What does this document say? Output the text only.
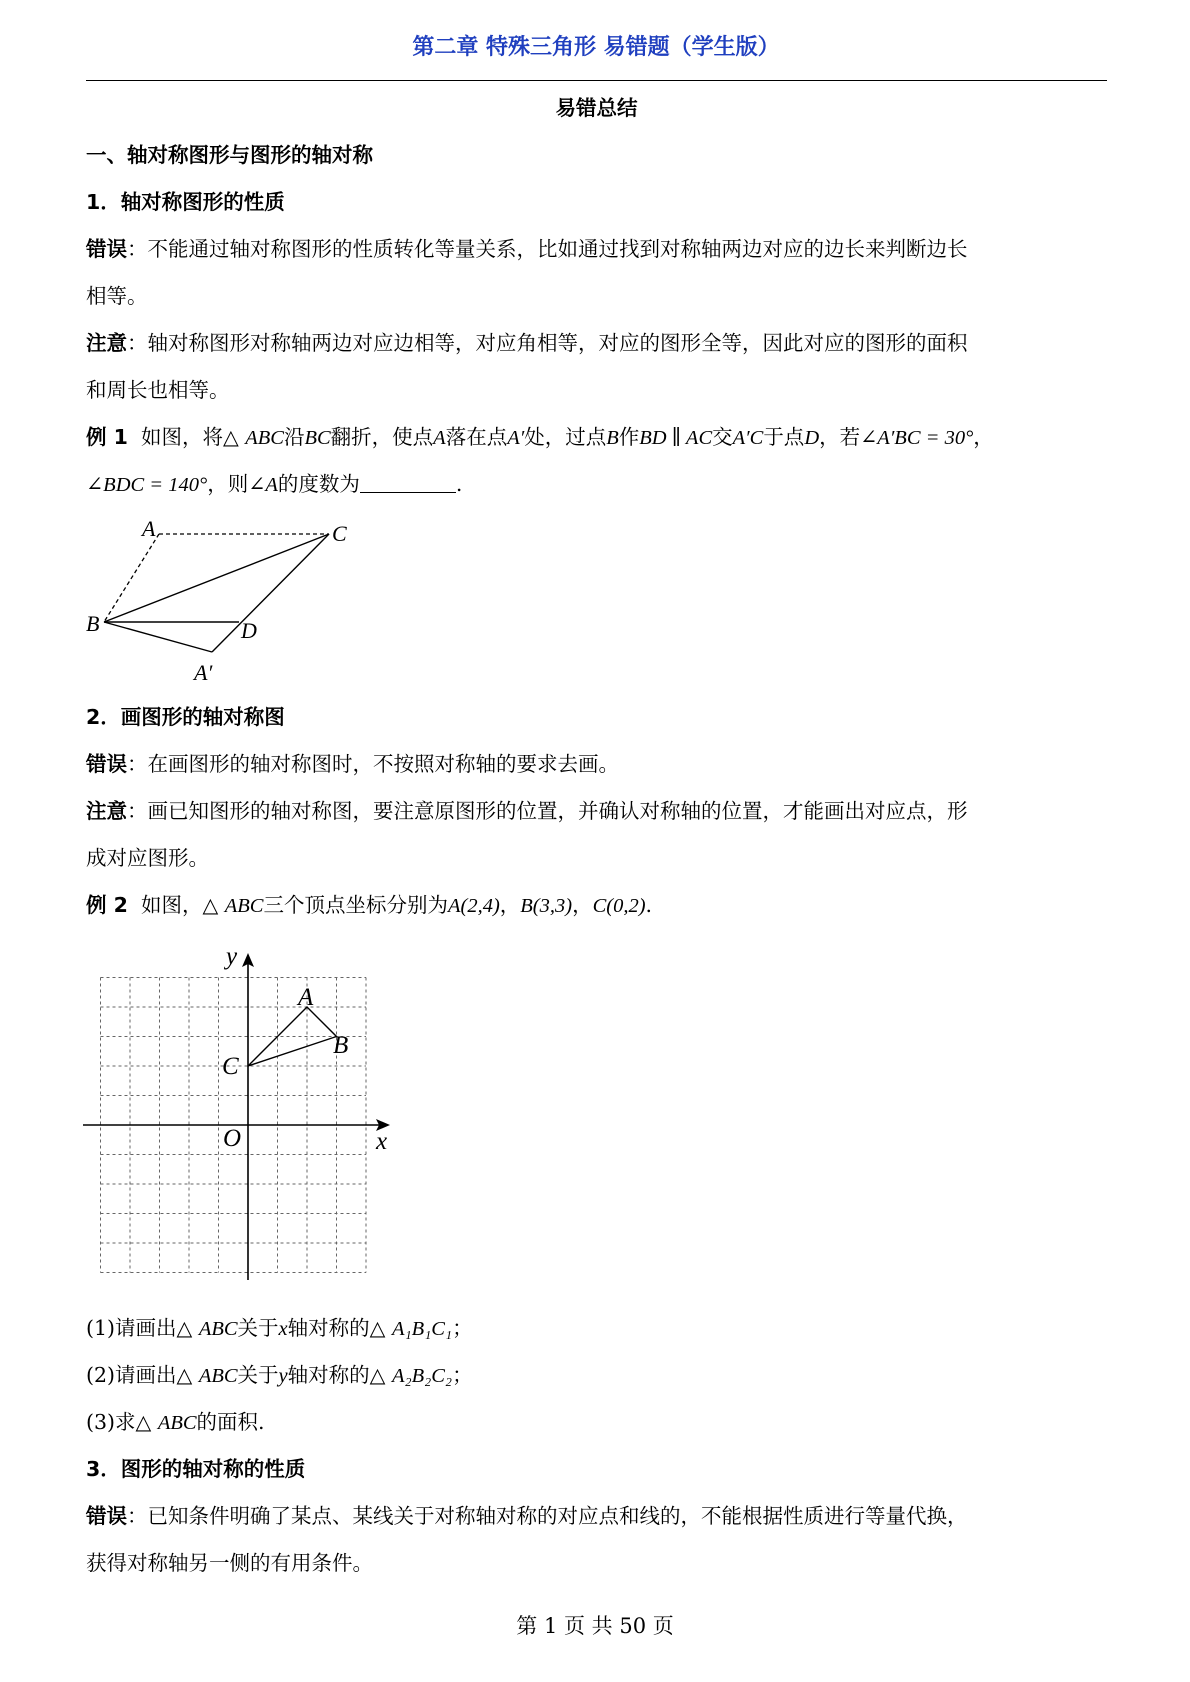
第二章 特殊三角形 易错题（学生版）
易错总结
一、轴对称图形与图形的轴对称
1．轴对称图形的性质
错误：不能通过轴对称图形的性质转化等量关系，比如通过找到对称轴两边对应的边长来判断边长
相等。
注意：轴对称图形对称轴两边对应边相等，对应角相等，对应的图形全等，因此对应的图形的面积
和周长也相等。
例 1 如图，将△ ABC沿BC翻折，使点A落在点A′处，过点B作BD ∥ AC交A′C于点D，若∠A′BC = 30°，
∠BDC = 140°，则∠A的度数为	.
A	C
B	D
A′
2．画图形的轴对称图
错误：在画图形的轴对称图时，不按照对称轴的要求去画。
注意：画已知图形的轴对称图，要注意原图形的位置，并确认对称轴的位置，才能画出对应点，形
成对应图形。
例 2 如图，△ ABC三个顶点坐标分别为A(2,4)，B(3,3)，C(0,2).
y
x
O
A
B
C
(1)请画出△ ABC关于x轴对称的△ A₁B₁C₁；
(2)请画出△ ABC关于y轴对称的△ A₂B₂C₂；
(3)求△ ABC的面积.
3．图形的轴对称的性质
错误：已知条件明确了某点、某线关于对称轴对称的对应点和线的，不能根据性质进行等量代换，
获得对称轴另一侧的有用条件。
第 1 页 共 50 页
